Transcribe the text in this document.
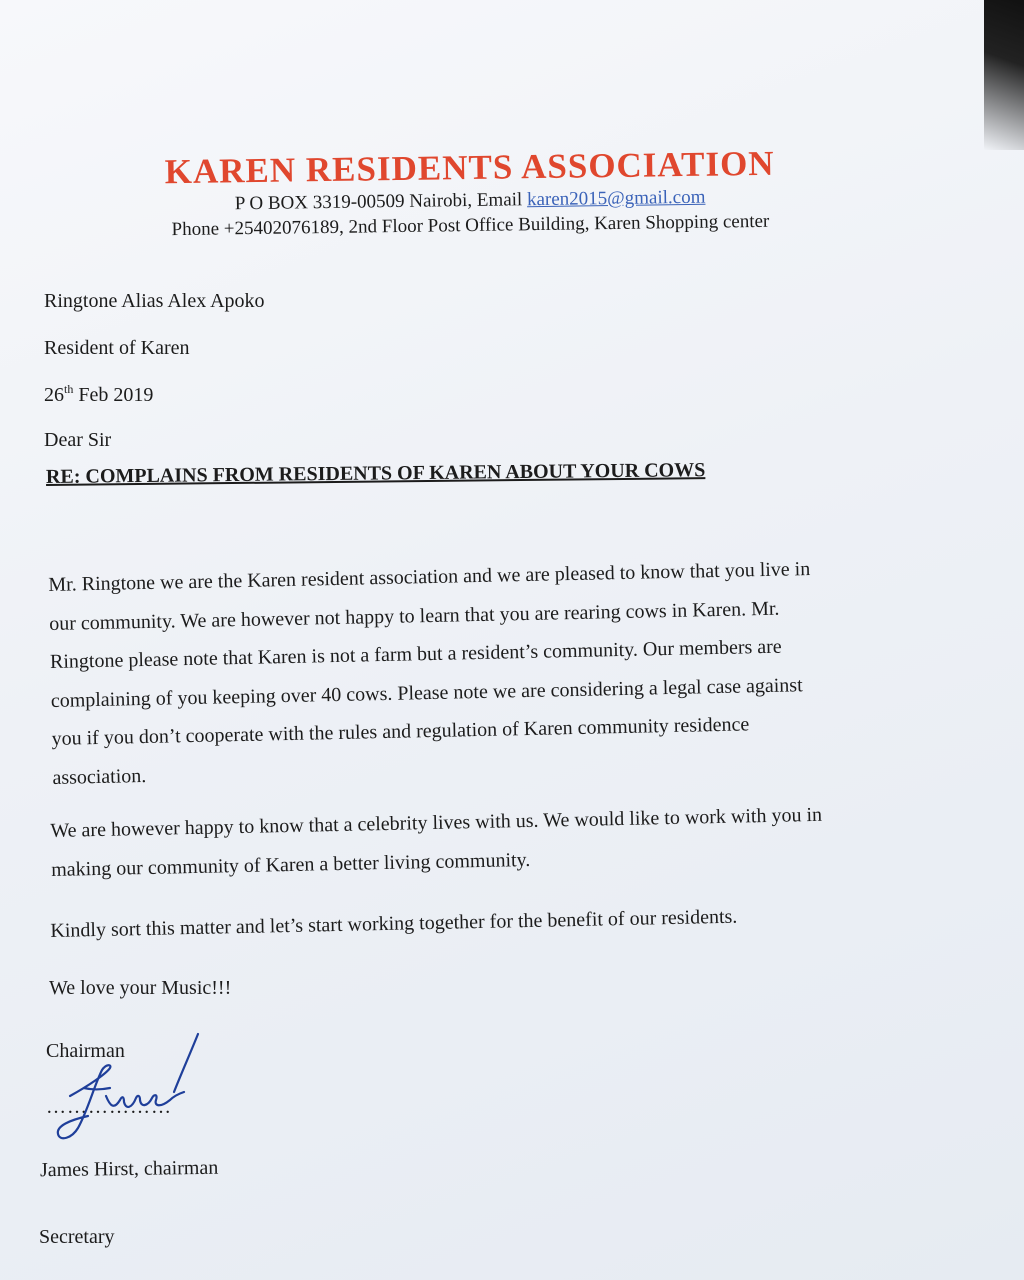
KAREN RESIDENTS ASSOCIATION
P O BOX 3319-00509 Nairobi, Email karen2015@gmail.com
Phone +25402076189, 2nd Floor Post Office Building, Karen Shopping center
Ringtone Alias Alex Apoko
Resident of Karen
26th Feb 2019
Dear Sir
RE: COMPLAINS FROM RESIDENTS OF KAREN ABOUT YOUR COWS
Mr. Ringtone we are the Karen resident association and we are pleased to know that you live in
our community. We are however not happy to learn that you are rearing cows in Karen. Mr.
Ringtone please note that Karen is not a farm but a resident’s community. Our members are
complaining of you keeping over 40 cows. Please note we are considering a legal case against
you if you don’t cooperate with the rules and regulation of Karen community residence
association.
We are however happy to know that a celebrity lives with us. We would like to work with you in
making our community of Karen a better living community.
Kindly sort this matter and let’s start working together for the benefit of our residents.
We love your Music!!!
Chairman
………………
James Hirst, chairman
Secretary
